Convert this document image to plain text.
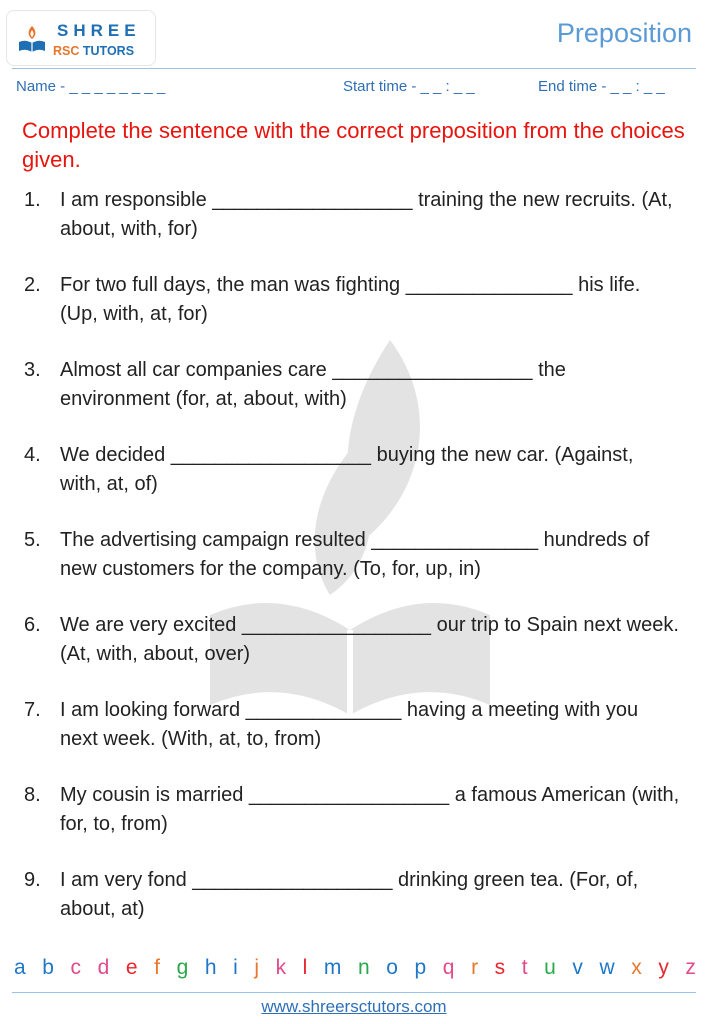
SHREE
RSC TUTORS
Preposition
Name - _ _ _ _ _ _ _ _	Start time - _ _ : _ _	End time - _ _ : _ _
Complete the sentence with the correct preposition from the choices given.
1. I am responsible __________________ training the new recruits. (At, about, with, for)
2. For two full days, the man was fighting _______________ his life. (Up, with, at, for)
3. Almost all car companies care __________________ the environment (for, at, about, with)
4. We decided __________________ buying the new car. (Against, with, at, of)
5. The advertising campaign resulted _______________ hundreds of new customers for the company. (To, for, up, in)
6. We are very excited _________________ our trip to Spain next week. (At, with, about, over)
7. I am looking forward ______________ having a meeting with you next week. (With, at, to, from)
8. My cousin is married __________________ a famous American (with, for, to, from)
9. I am very fond __________________ drinking green tea. (For, of, about, at)
a b c d e f g h i j k l m n o p q r s t u v w x y z
www.shreersctutors.com
